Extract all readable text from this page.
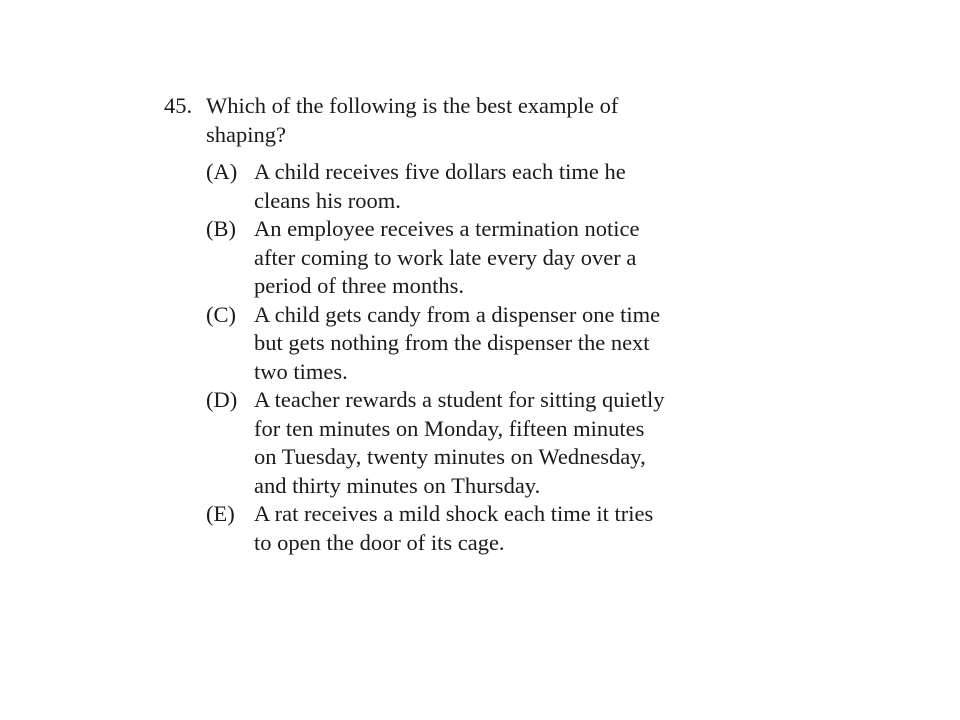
45. Which of the following is the best example of
shaping?
(A) A child receives five dollars each time he
cleans his room.
(B) An employee receives a termination notice
after coming to work late every day over a
period of three months.
(C) A child gets candy from a dispenser one time
but gets nothing from the dispenser the next
two times.
(D) A teacher rewards a student for sitting quietly
for ten minutes on Monday, fifteen minutes
on Tuesday, twenty minutes on Wednesday,
and thirty minutes on Thursday.
(E) A rat receives a mild shock each time it tries
to open the door of its cage.
